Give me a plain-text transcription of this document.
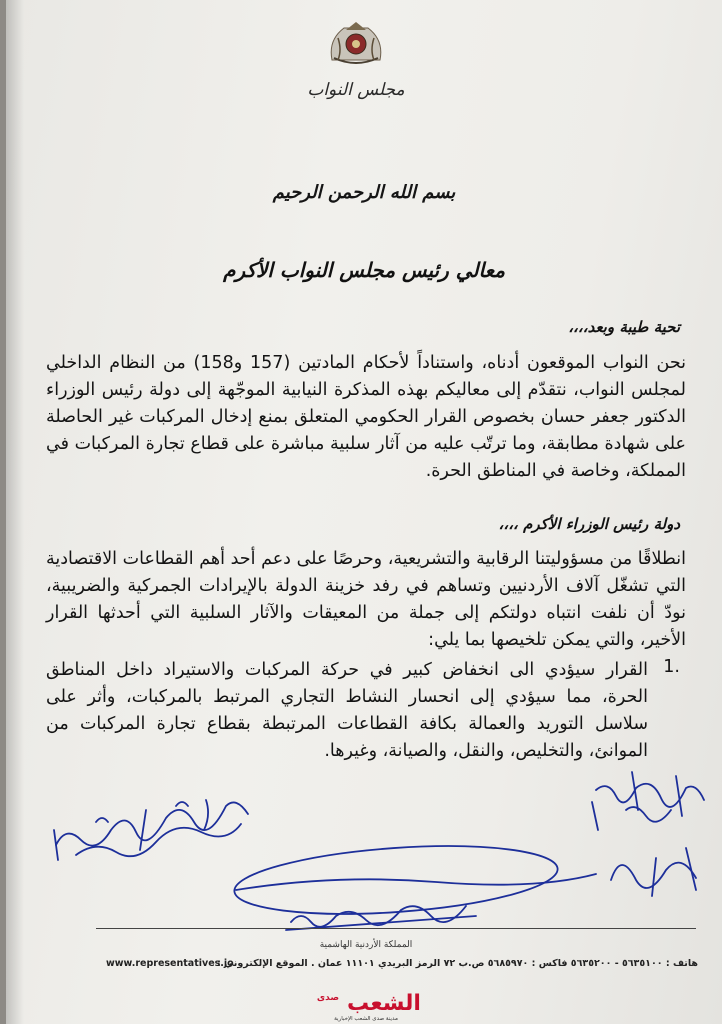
مجلس النواب
بسم الله الرحمن الرحيم
معالي رئيس مجلس النواب الأكرم
تحية طيبة وبعد،،،،
نحن النواب الموقعون أدناه، واستناداً لأحكام المادتين (157 و158) من النظام الداخلي لمجلس النواب، نتقدّم إلى معاليكم بهذه المذكرة النيابية الموجّهة إلى دولة رئيس الوزراء الدكتور جعفر حسان بخصوص القرار الحكومي المتعلق بمنع إدخال المركبات غير الحاصلة على شهادة مطابقة، وما ترتّب عليه من آثار سلبية مباشرة على قطاع تجارة المركبات في المملكة، وخاصة في المناطق الحرة.
دولة رئيس الوزراء الأكرم ،،،،
انطلاقًا من مسؤوليتنا الرقابية والتشريعية، وحرصًا على دعم أحد أهم القطاعات الاقتصادية التي تشغّل آلاف الأردنيين وتساهم في رفد خزينة الدولة بالإيرادات الجمركية والضريبية، نودّ أن نلفت انتباه دولتكم إلى جملة من المعيقات والآثار السلبية التي أحدثها القرار الأخير، والتي يمكن تلخيصها بما يلي:
1.
القرار سيؤدي الى انخفاض كبير في حركة المركبات والاستيراد داخل المناطق الحرة، مما سيؤدي إلى انحسار النشاط التجاري المرتبط بالمركبات، وأثر على سلاسل التوريد والعمالة بكافة القطاعات المرتبطة بقطاع تجارة المركبات من الموانئ، والتخليص، والنقل، والصيانة، وغيرها.
المملكة الأردنية الهاشمية
www.representatives.jo
هاتف : ٥٦٣٥١٠٠ - ٥٦٣٥٢٠٠ فاكس : ٥٦٨٥٩٧٠ ص.ب ٧٢ الرمز البريدي ١١١٠١ عمان . الموقع الإلكتروني :
الشعب
صدى
مدينة صدى الشعب الإخبارية
